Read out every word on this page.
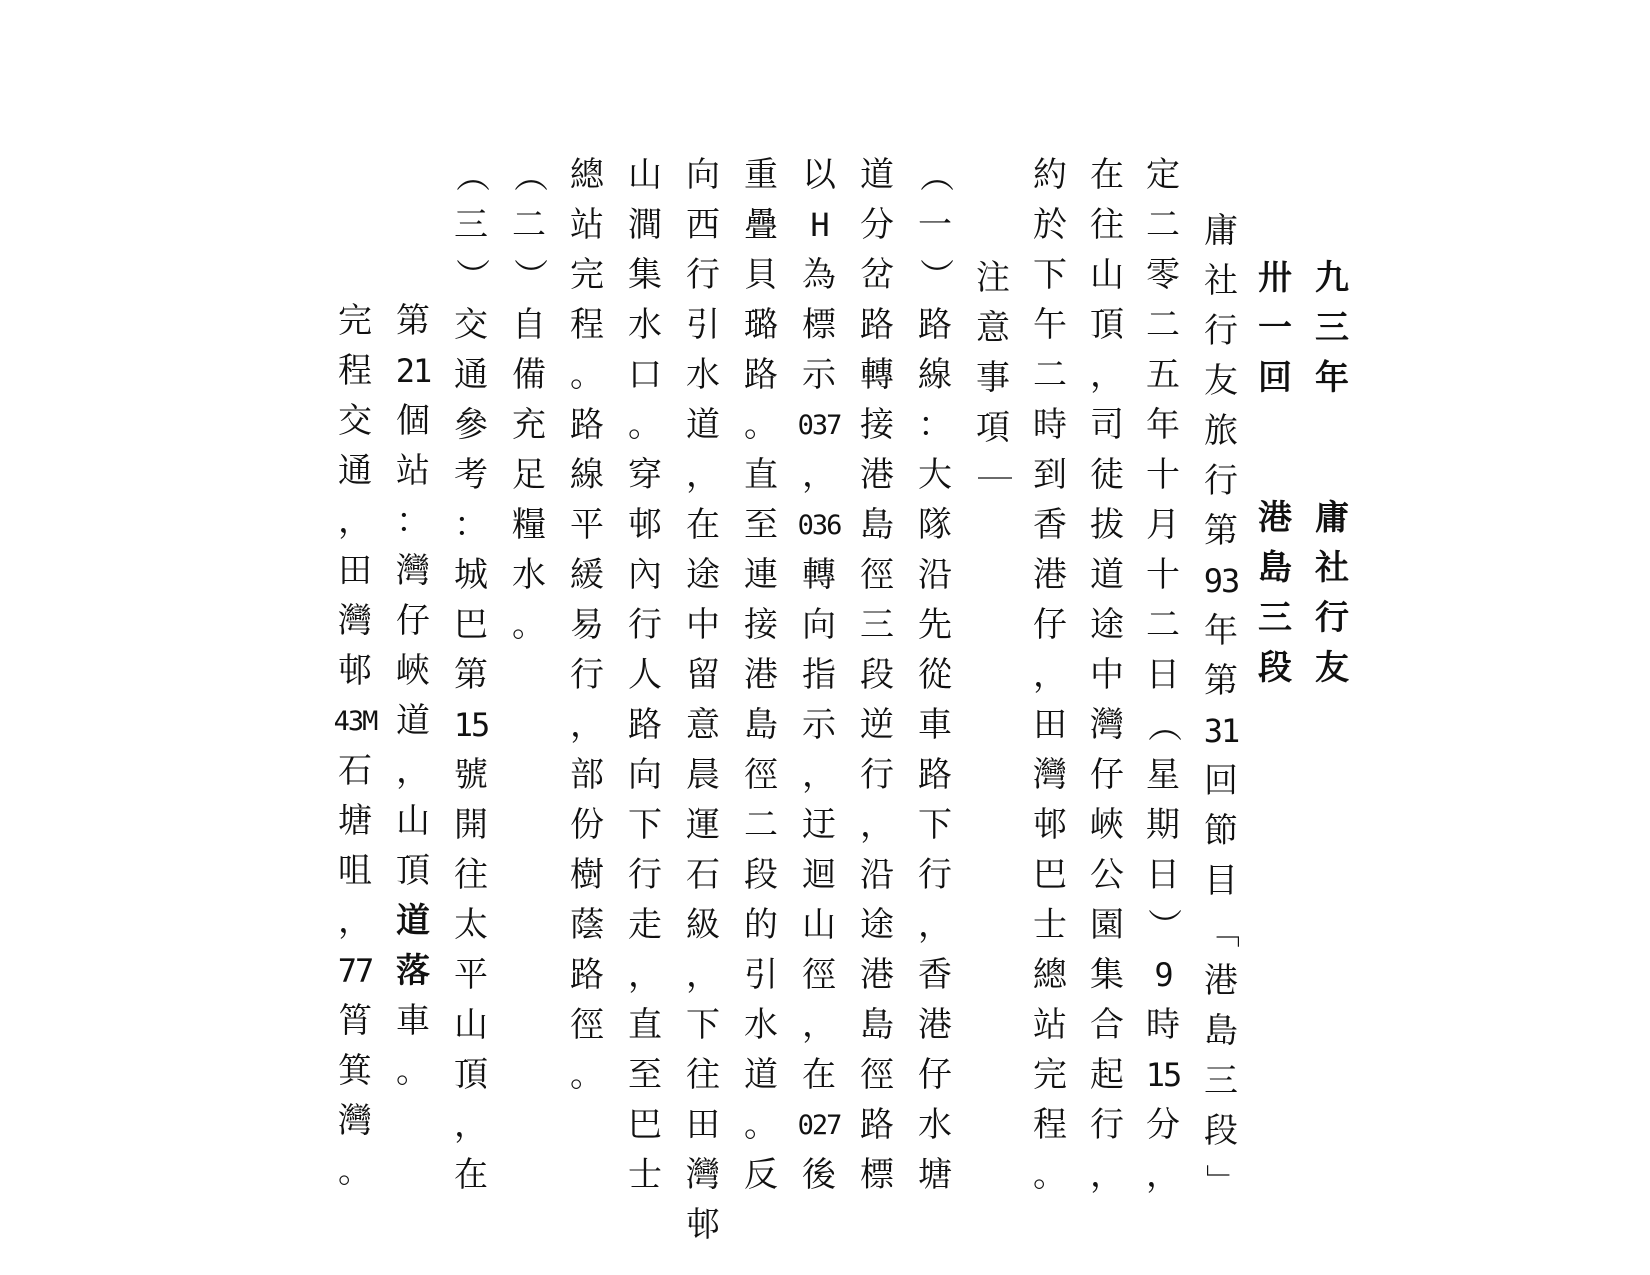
九
三
年
卅
一
回
庸
社
行
友
港
島
三
段
庸
社
行
友
旅
行
第
93
年
第
31
回
節
目
「
港
島
三
段
」
定
二
零
二
五
年
十
月
十
二
日
（
星
期
日
）
9
時
15
分
，
在
往
山
頂
，
司
徒
拔
道
途
中
灣
仔
峽
公
園
集
合
起
行
，
約
於
下
午
二
時
到
香
港
仔
，
田
灣
邨
巴
士
總
站
完
程
。
注
意
事
項
｜
（
一
）
路
線
：
大
隊
沿
先
從
車
路
下
行
，
香
港
仔
水
塘
道
分
岔
路
轉
接
港
島
徑
三
段
逆
行
，
沿
途
港
島
徑
路
標
以
H
為
標
示
037
，
036
轉
向
指
示
，
迂
迴
山
徑
，
在
027
後
重
疊
貝
璐
路
。
直
至
連
接
港
島
徑
二
段
的
引
水
道
。
反
向
西
行
引
水
道
，
在
途
中
留
意
晨
運
石
級
，
下
往
田
灣
邨
山
澗
集
水
口
。
穿
邨
內
行
人
路
向
下
行
走
，
直
至
巴
士
總
站
完
程
。
路
線
平
緩
易
行
，
部
份
樹
蔭
路
徑
。
（
二
）
自
備
充
足
糧
水
。
（
三
）
交
通
參
考
：
城
巴
第
15
號
開
往
太
平
山
頂
，
在
第
21
個
站
：
灣
仔
峽
道
，
山
頂
道
落
車
。
完
程
交
通
，
田
灣
邨
43M
石
塘
咀
，
77
筲
箕
灣
。
